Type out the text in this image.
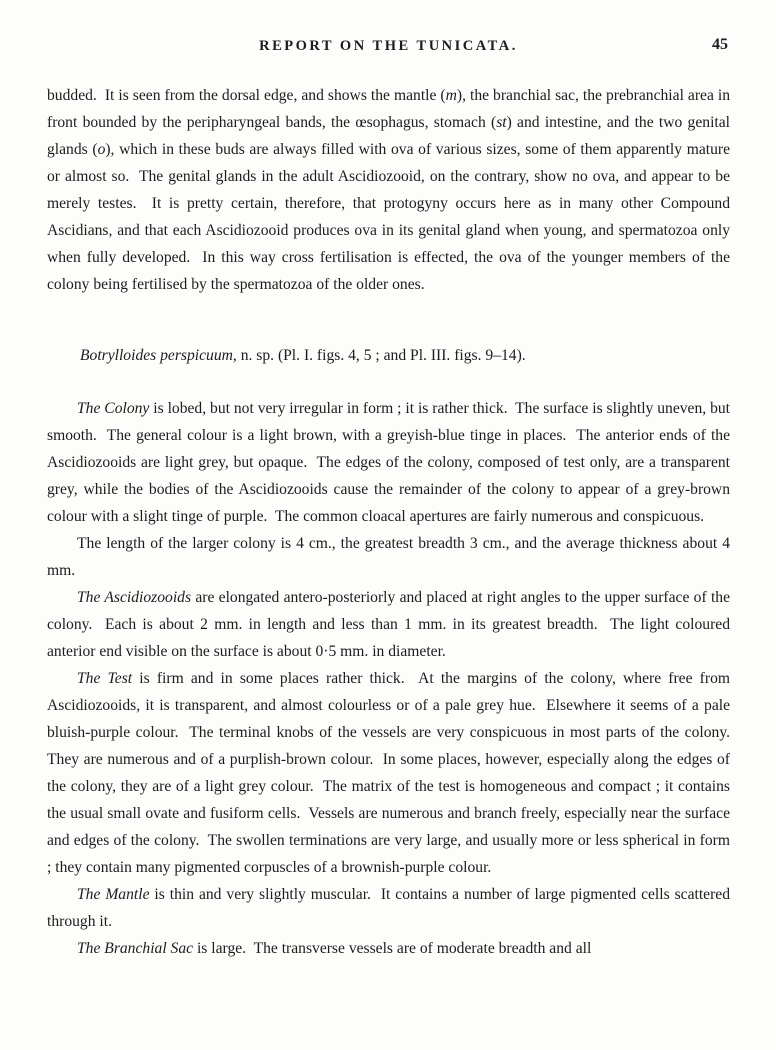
REPORT ON THE TUNICATA.	45

budded.  It is seen from the dorsal edge, and shows the mantle (m), the branchial sac, the prebranchial area in front bounded by the peripharyngeal bands, the œsophagus, stomach (st) and intestine, and the two genital glands (o), which in these buds are always filled with ova of various sizes, some of them apparently mature or almost so.  The genital glands in the adult Ascidiozooid, on the contrary, show no ova, and appear to be merely testes.  It is pretty certain, therefore, that protogyny occurs here as in many other Compound Ascidians, and that each Ascidiozooid produces ova in its genital gland when young, and spermatozoa only when fully developed.  In this way cross fertilisation is effected, the ova of the younger members of the colony being fertilised by the spermatozoa of the older ones.

Botrylloides perspicuum, n. sp. (Pl. I. figs. 4, 5 ; and Pl. III. figs. 9–14).

The Colony is lobed, but not very irregular in form ; it is rather thick.  The surface is slightly uneven, but smooth.  The general colour is a light brown, with a greyish-blue tinge in places.  The anterior ends of the Ascidiozooids are light grey, but opaque.  The edges of the colony, composed of test only, are a transparent grey, while the bodies of the Ascidiozooids cause the remainder of the colony to appear of a grey-brown colour with a slight tinge of purple.  The common cloacal apertures are fairly numerous and conspicuous.

The length of the larger colony is 4 cm., the greatest breadth 3 cm., and the average thickness about 4 mm.

The Ascidiozooids are elongated antero-posteriorly and placed at right angles to the upper surface of the colony.  Each is about 2 mm. in length and less than 1 mm. in its greatest breadth.  The light coloured anterior end visible on the surface is about 0·5 mm. in diameter.

The Test is firm and in some places rather thick.  At the margins of the colony, where free from Ascidiozooids, it is transparent, and almost colourless or of a pale grey hue.  Elsewhere it seems of a pale bluish-purple colour.  The terminal knobs of the vessels are very conspicuous in most parts of the colony.  They are numerous and of a purplish-brown colour.  In some places, however, especially along the edges of the colony, they are of a light grey colour.  The matrix of the test is homogeneous and compact ; it contains the usual small ovate and fusiform cells.  Vessels are numerous and branch freely, especially near the surface and edges of the colony.  The swollen terminations are very large, and usually more or less spherical in form ; they contain many pigmented corpuscles of a brownish-purple colour.

The Mantle is thin and very slightly muscular.  It contains a number of large pigmented cells scattered through it.

The Branchial Sac is large.  The transverse vessels are of moderate breadth and all
